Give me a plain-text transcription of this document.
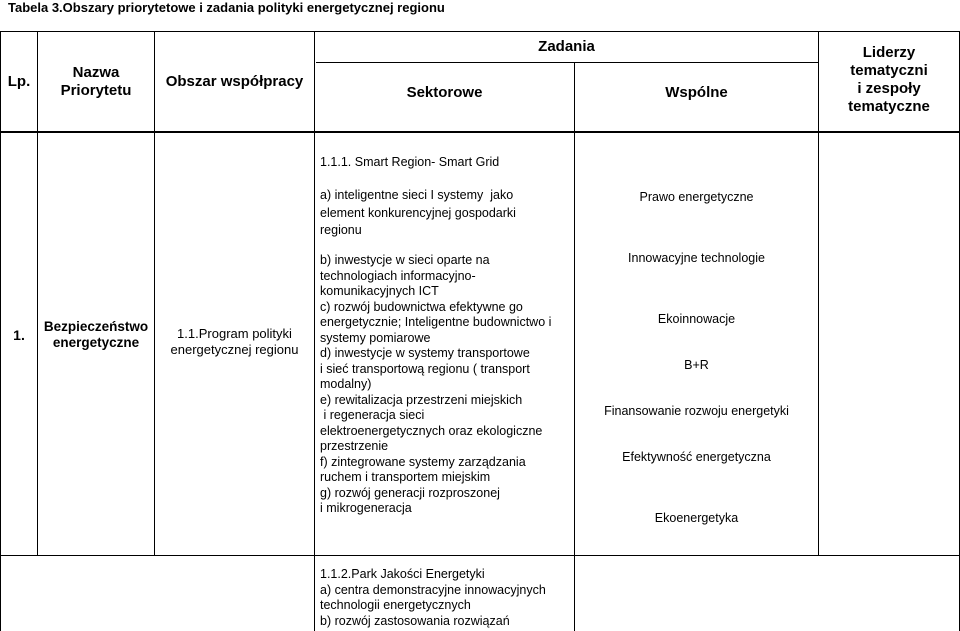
Tabela 3.Obszary priorytetowe i zadania polityki energetycznej regionu
Lp.
Nazwa
Priorytetu
Obszar współpracy
Zadania
Sektorowe	Wspólne
Liderzy
tematyczni
i zespoły
tematyczne
1.
Bezpieczeństwo
energetyczne
1.1.Program polityki
energetycznej regionu
1.1.1. Smart Region- Smart Grid
a) inteligentne sieci I systemy  jako
element konkurencyjnej gospodarki
regionu
b) inwestycje w sieci oparte na
technologiach informacyjno-
komunikacyjnych ICT
c) rozwój budownictwa efektywne go
energetycznie; Inteligentne budownictwo i
systemy pomiarowe
d) inwestycje w systemy transportowe
i sieć transportową regionu ( transport
modalny)
e) rewitalizacja przestrzeni miejskich
i regeneracja sieci
elektroenergetycznych oraz ekologiczne
przestrzenie
f) zintegrowane systemy zarządzania
ruchem i transportem miejskim
g) rozwój generacji rozproszonej
i mikrogeneracja
Prawo energetyczne
Innowacyjne technologie
Ekoinnowacje
B+R
Finansowanie rozwoju energetyki
Efektywność energetyczna
Ekoenergetyka
1.1.2.Park Jakości Energetyki
a) centra demonstracyjne innowacyjnych
technologii energetycznych
b) rozwój zastosowania rozwiązań
